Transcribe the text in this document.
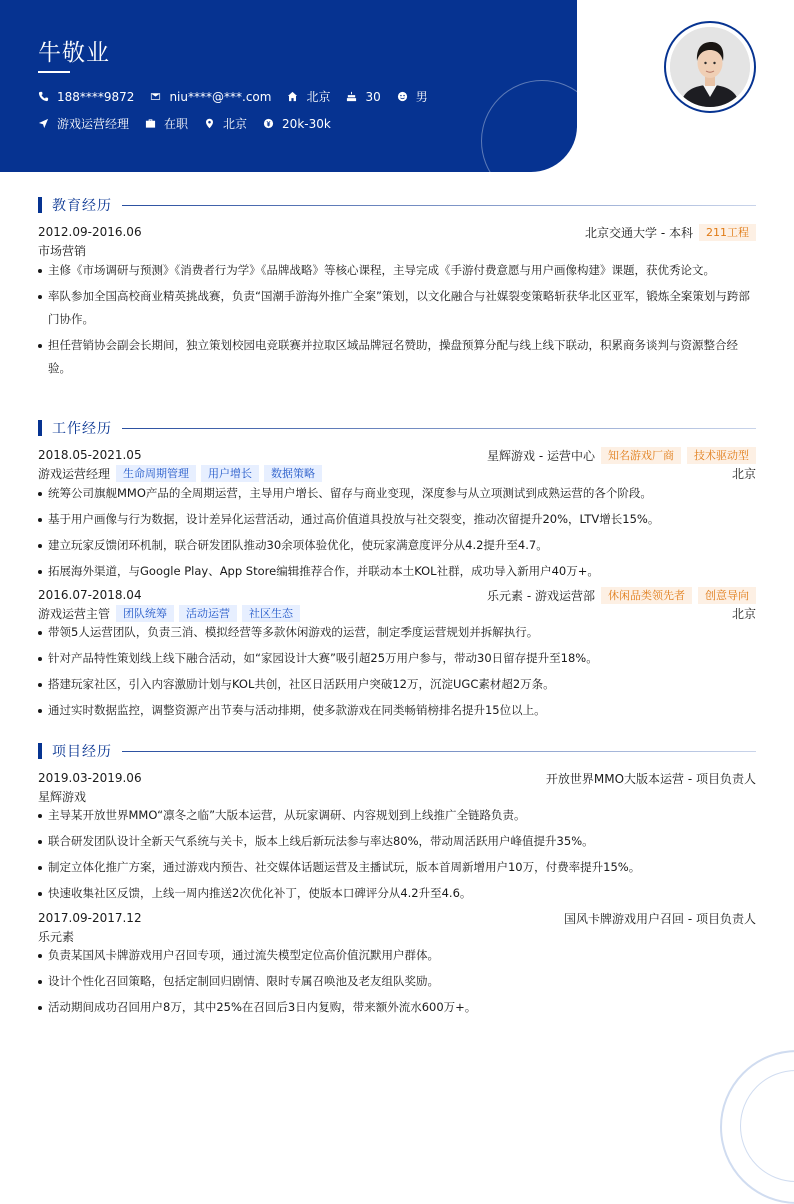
牛敬业
188****9872	niu****@***.com	北京	30	男
游戏运营经理	在职	北京	20k-30k
教育经历
2012.09-2016.06	北京交通大学 - 本科	211工程
市场营销
主修《市场调研与预测》《消费者行为学》《品牌战略》等核心课程，主导完成《手游付费意愿与用户画像构建》课题，获优秀论文。
率队参加全国高校商业精英挑战赛，负责“国潮手游海外推广全案”策划，以文化融合与社媒裂变策略斩获华北区亚军，锻炼全案策划与跨部门协作。
担任营销协会副会长期间，独立策划校园电竞联赛并拉取区域品牌冠名赞助，操盘预算分配与线上线下联动，积累商务谈判与资源整合经验。
工作经历
2018.05-2021.05	星辉游戏 - 运营中心	知名游戏厂商	技术驱动型
游戏运营经理	生命周期管理	用户增长	数据策略	北京
统筹公司旗舰MMO产品的全周期运营，主导用户增长、留存与商业变现，深度参与从立项测试到成熟运营的各个阶段。
基于用户画像与行为数据，设计差异化运营活动，通过高价值道具投放与社交裂变，推动次留提升20%，LTV增长15%。
建立玩家反馈闭环机制，联合研发团队推动30余项体验优化，使玩家满意度评分从4.2提升至4.7。
拓展海外渠道，与Google Play、App Store编辑推荐合作，并联动本土KOL社群，成功导入新用户40万+。
2016.07-2018.04	乐元素 - 游戏运营部	休闲品类领先者	创意导向
游戏运营主管	团队统筹	活动运营	社区生态	北京
带领5人运营团队，负责三消、模拟经营等多款休闲游戏的运营，制定季度运营规划并拆解执行。
针对产品特性策划线上线下融合活动，如“家园设计大赛”吸引超25万用户参与，带动30日留存提升至18%。
搭建玩家社区，引入内容激励计划与KOL共创，社区日活跃用户突破12万，沉淀UGC素材超2万条。
通过实时数据监控，调整资源产出节奏与活动排期，使多款游戏在同类畅销榜排名提升15位以上。
项目经历
2019.03-2019.06	开放世界MMO大版本运营 - 项目负责人
星辉游戏
主导某开放世界MMO“凛冬之临”大版本运营，从玩家调研、内容规划到上线推广全链路负责。
联合研发团队设计全新天气系统与关卡，版本上线后新玩法参与率达80%，带动周活跃用户峰值提升35%。
制定立体化推广方案，通过游戏内预告、社交媒体话题运营及主播试玩，版本首周新增用户10万，付费率提升15%。
快速收集社区反馈，上线一周内推送2次优化补丁，使版本口碑评分从4.2升至4.6。
2017.09-2017.12	国风卡牌游戏用户召回 - 项目负责人
乐元素
负责某国风卡牌游戏用户召回专项，通过流失模型定位高价值沉默用户群体。
设计个性化召回策略，包括定制回归剧情、限时专属召唤池及老友组队奖励。
活动期间成功召回用户8万，其中25%在召回后3日内复购，带来额外流水600万+。
